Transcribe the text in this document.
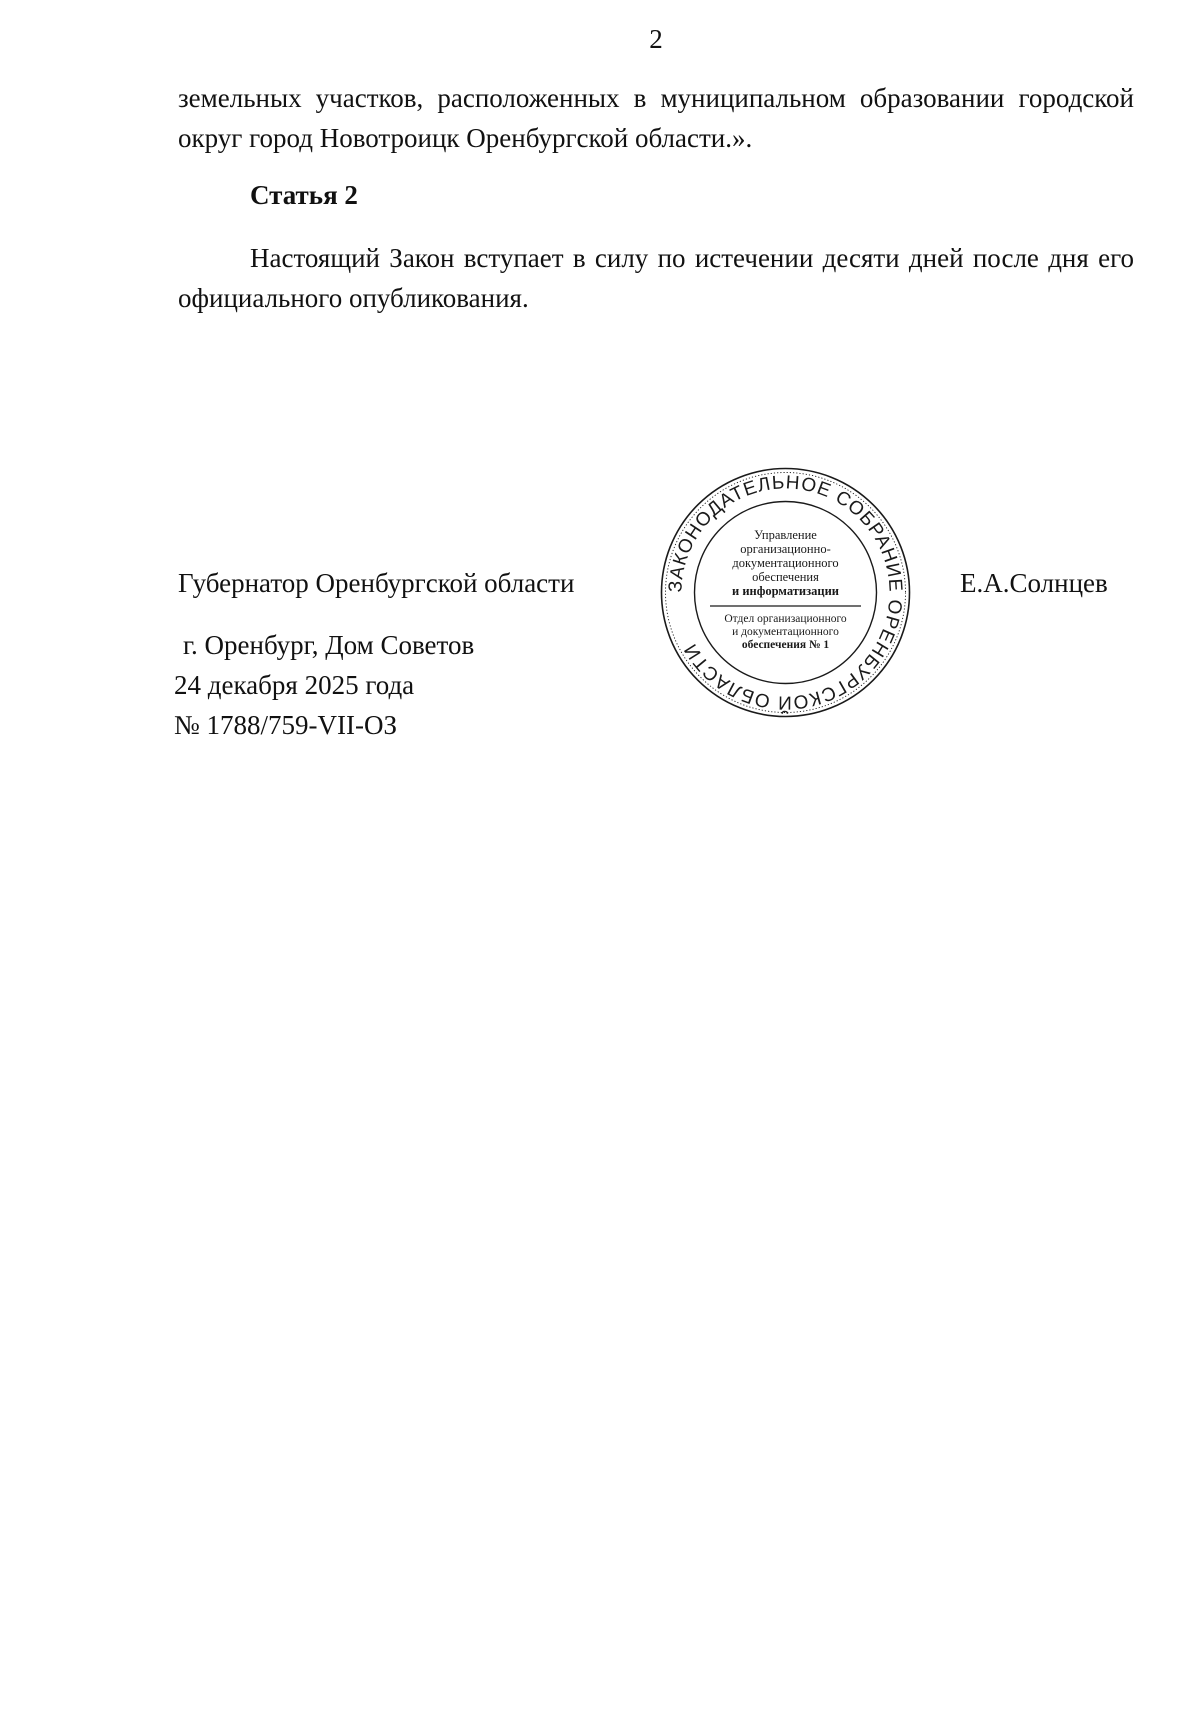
2
земельных участков, расположенных в муниципальном образовании городской округ город Новотроицк Оренбургской области.».
Статья 2
Настоящий Закон вступает в силу по истечении десяти дней после дня его официального опубликования.
Губернатор Оренбургской области	Е.А.Солнцев
г. Оренбург, Дом Советов
24 декабря 2025 года
№ 1788/759-VII-ОЗ
ЗАКОНОДАТЕЛЬНОЕ СОБРАНИЕ ОРЕНБУРГСКОЙ ОБЛАСТИ
Управление
организационно-
документационного
обеспечения
и информатизации
Отдел организационного
и документационного
обеспечения № 1
